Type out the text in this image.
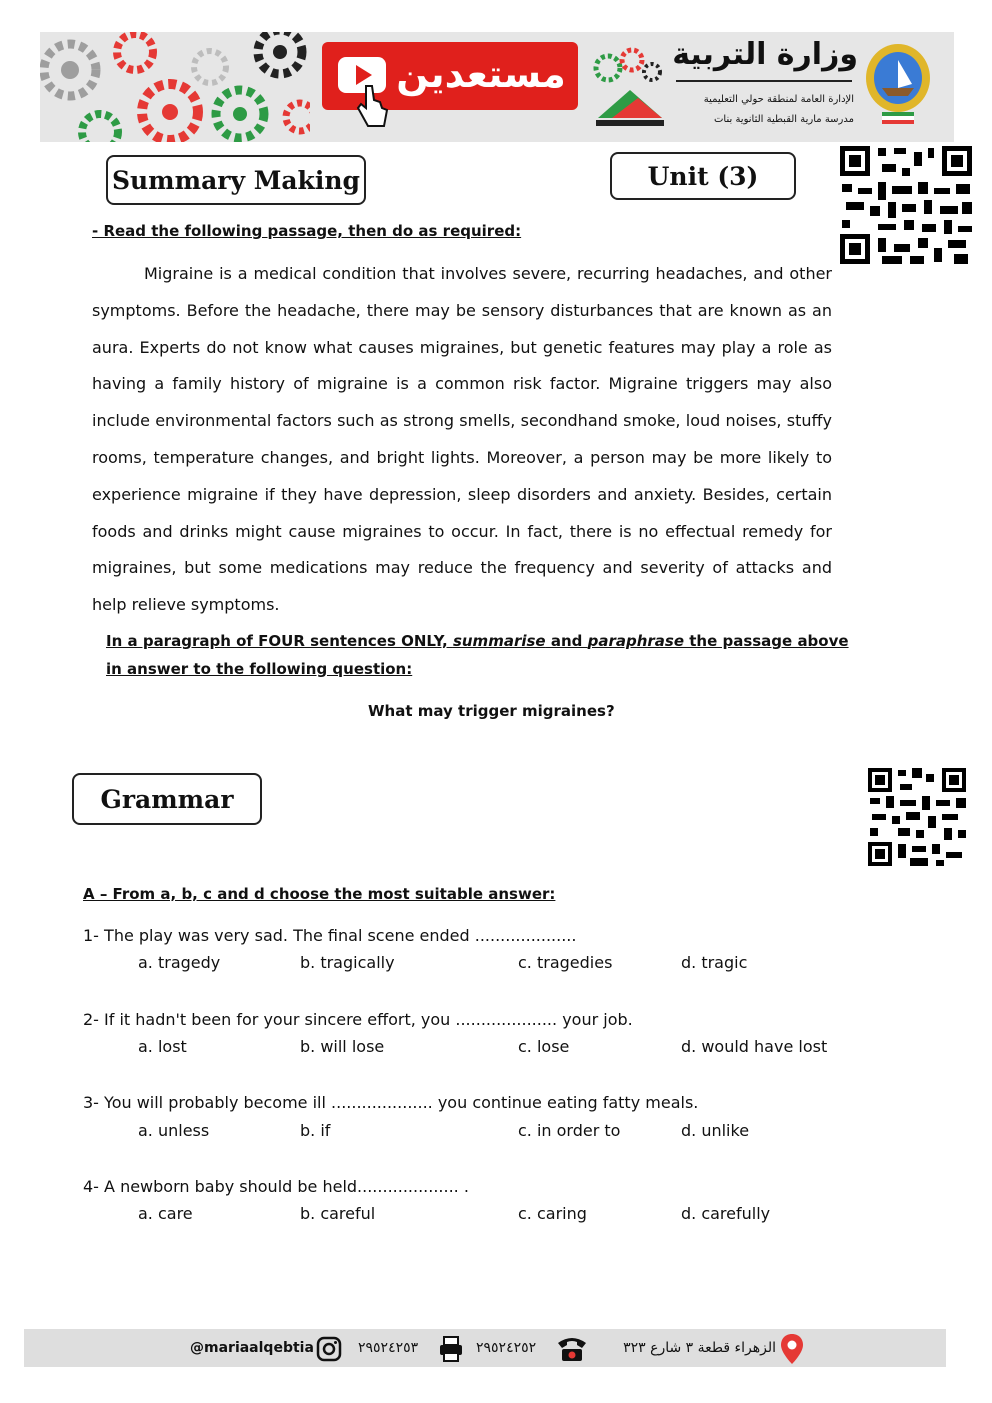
مستعدين	وزارة التربية
الإدارة العامة لمنطقة حولي التعليمية
مدرسة مارية القبطية الثانوية بنات
Summary Making	Unit (3)
- Read the following passage, then do as required:

Migraine is a medical condition that involves severe, recurring headaches, and other symptoms. Before the headache, there may be sensory disturbances that are known as an aura. Experts do not know what causes migraines, but genetic features may play a role as having a family history of migraine is a common risk factor. Migraine triggers may also include environmental factors such as strong smells, secondhand smoke, loud noises, stuffy rooms, temperature changes, and bright lights. Moreover, a person may be more likely to experience migraine if they have depression, sleep disorders and anxiety. Besides, certain foods and drinks might cause migraines to occur. In fact, there is no effectual remedy for migraines, but some medications may reduce the frequency and severity of attacks and help relieve symptoms.

In a paragraph of FOUR sentences ONLY, summarise and paraphrase the passage above
in answer to the following question:
What may trigger migraines?
Grammar
A – From a, b, c and d choose the most suitable answer:
1- The play was very sad. The final scene ended ....................
a. tragedy	b. tragically	c. tragedies	d. tragic
2- If it hadn't been for your sincere effort, you .................... your job.
a. lost	b. will lose	c. lose	d. would have lost
3- You will probably become ill .................... you continue eating fatty meals.
a. unless	b. if	c. in order to	d. unlike
4- A newborn baby should be held.................... .
a. care	b. careful	c. caring	d. carefully
@mariaalqebtia	٢٩٥٢٤٢٥٣	٢٩٥٢٤٢٥٢	الزهراء قطعة ٣ شارع ٣٢٣
